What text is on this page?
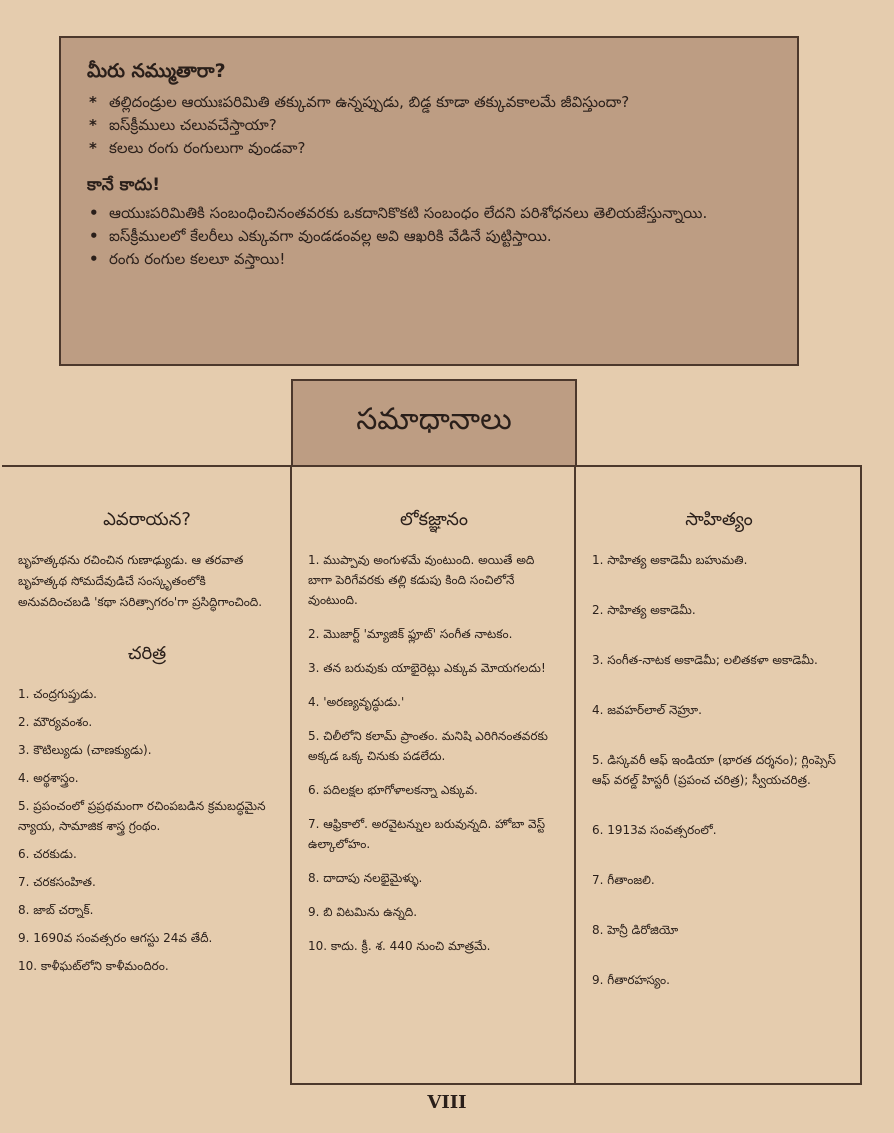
మీరు నమ్ముతారా?
* తల్లిదండ్రుల ఆయుఃపరిమితి తక్కువగా ఉన్నప్పుడు, బిడ్డ కూడా తక్కువకాలమే జీవిస్తుందా?
* ఐస్‌క్రీములు చలువచేస్తాయా?
* కలలు రంగు రంగులుగా వుండవా?
కానే కాదు!
• ఆయుఃపరిమితికి సంబంధించినంతవరకు ఒకదానికొకటి సంబంధం లేదని పరిశోధనలు తెలియజేస్తున్నాయి.
• ఐస్‌క్రీములలో కేలరీలు ఎక్కువగా వుండడంవల్ల అవి ఆఖరికి వేడినే పుట్టిస్తాయి.
• రంగు రంగుల కలలూ వస్తాయి!
సమాధానాలు
ఎవరాయన?

బృహత్కథను రచించిన గుణాఢ్యుడు. ఆ తరవాత బృహత్కథ సోమదేవుడిచే సంస్కృతంలోకి అనువదించబడి 'కథా సరిత్సాగరం'గా ప్రసిద్ధిగాంచింది.

చరిత్ర
1. చంద్రగుప్తుడు.
2. మౌర్యవంశం.
3. కౌటిల్యుడు (చాణక్యుడు).
4. అర్థశాస్త్రం.
5. ప్రపంచంలో ప్రప్రథమంగా రచింపబడిన క్రమబద్ధమైన న్యాయ, సామాజిక శాస్త్ర గ్రంథం.
6. చరకుడు.
7. చరకసంహిత.
8. జాబ్ చర్నాక్.
9. 1690వ సంవత్సరం ఆగస్టు 24వ తేదీ.
10. కాళీఘట్‌లోని కాళీమందిరం.
లోకజ్ఞానం
1. ముప్పావు అంగుళమే వుంటుంది. అయితే అది బాగా పెరిగేవరకు తల్లి కడుపు కింది సంచిలోనే వుంటుంది.
2. మొజార్ట్ 'మ్యాజిక్ ఫ్లూట్' సంగీత నాటకం.
3. తన బరువుకు యాభైరెట్లు ఎక్కువ మోయగలదు!
4. 'అరణ్యవృద్ధుడు.'
5. చిలీలోని కలామ్ ప్రాంతం. మనిషి ఎరిగినంతవరకు అక్కడ ఒక్క చినుకు పడలేదు.
6. పదిలక్షల భూగోళాలకన్నా ఎక్కువ.
7. ఆఫ్రికాలో. అరవైటన్నుల బరువున్నది. హోబా వెస్ట్ ఉల్కాలోహం.
8. దాదాపు నలభైమైళ్ళు.
9. బి విటమిను ఉన్నది.
10. కాదు. క్రీ. శ. 440 నుంచి మాత్రమే.
సాహిత్యం
1. సాహిత్య అకాడెమీ బహుమతి.
2. సాహిత్య అకాడెమీ.
3. సంగీత-నాటక అకాడెమీ; లలితకళా అకాడెమీ.
4. జవహర్‌లాల్ నెహ్రూ.
5. డిస్కవరీ ఆఫ్ ఇండియా (భారత దర్శనం); గ్లింప్సెస్ ఆఫ్ వరల్డ్ హిస్టరీ (ప్రపంచ చరిత్ర); స్వీయచరిత్ర.
6. 1913వ సంవత్సరంలో.
7. గీతాంజలి.
8. హెన్రీ డిరోజియో
9. గీతారహస్యం.
VIII
